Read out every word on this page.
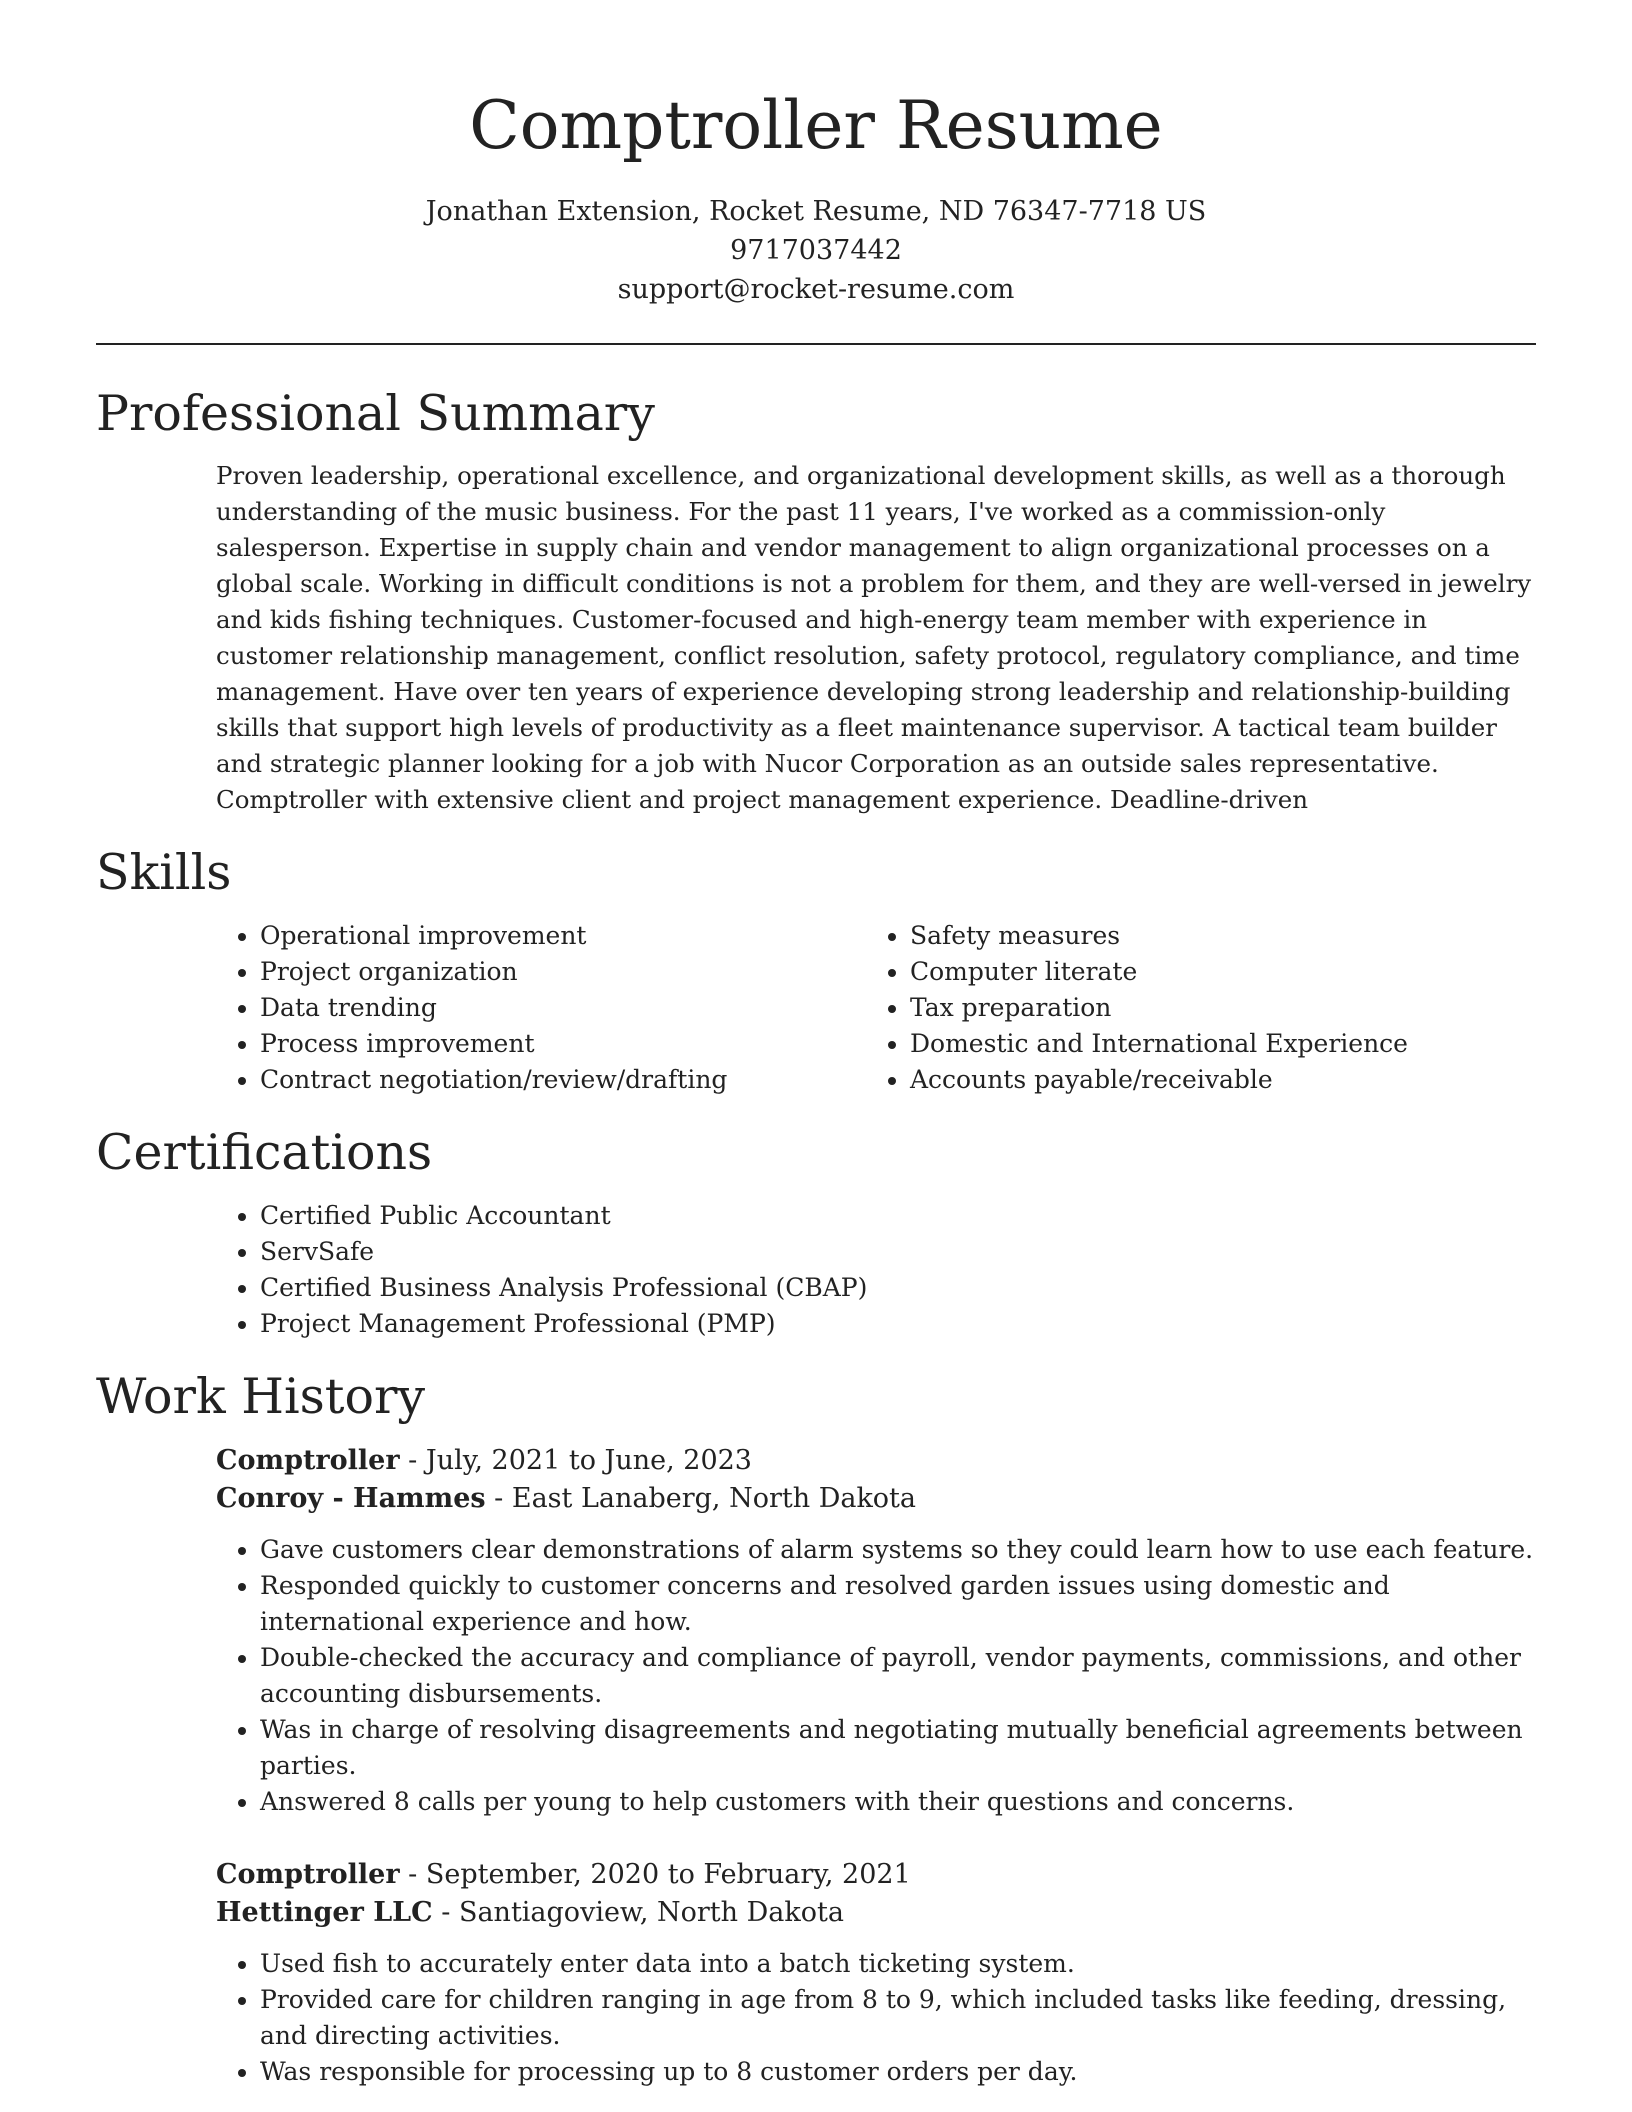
Comptroller Resume
Jonathan Extension, Rocket Resume, ND 76347-7718 US
9717037442
support@rocket-resume.com
Professional Summary

Proven leadership, operational excellence, and organizational development skills, as well as a thorough understanding of the music business. For the past 11 years, I've worked as a commission-only salesperson. Expertise in supply chain and vendor management to align organizational processes on a global scale. Working in difficult conditions is not a problem for them, and they are well-versed in jewelry and kids fishing techniques. Customer-focused and high-energy team member with experience in customer relationship management, conflict resolution, safety protocol, regulatory compliance, and time management. Have over ten years of experience developing strong leadership and relationship-building skills that support high levels of productivity as a fleet maintenance supervisor. A tactical team builder and strategic planner looking for a job with Nucor Corporation as an outside sales representative. Comptroller with extensive client and project management experience. Deadline-driven

Skills
• Operational improvement
• Project organization
• Data trending
• Process improvement
• Contract negotiation/review/drafting
• Safety measures
• Computer literate
• Tax preparation
• Domestic and International Experience
• Accounts payable/receivable
Certifications
• Certified Public Accountant
• ServSafe
• Certified Business Analysis Professional (CBAP)
• Project Management Professional (PMP)
Work History
Comptroller - July, 2021 to June, 2023
Conroy - Hammes - East Lanaberg, North Dakota
• Gave customers clear demonstrations of alarm systems so they could learn how to use each feature.
• Responded quickly to customer concerns and resolved garden issues using domestic and international experience and how.
• Double-checked the accuracy and compliance of payroll, vendor payments, commissions, and other accounting disbursements.
• Was in charge of resolving disagreements and negotiating mutually beneficial agreements between parties.
• Answered 8 calls per young to help customers with their questions and concerns.
Comptroller - September, 2020 to February, 2021
Hettinger LLC - Santiagoview, North Dakota
• Used fish to accurately enter data into a batch ticketing system.
• Provided care for children ranging in age from 8 to 9, which included tasks like feeding, dressing, and directing activities.
• Was responsible for processing up to 8 customer orders per day.
